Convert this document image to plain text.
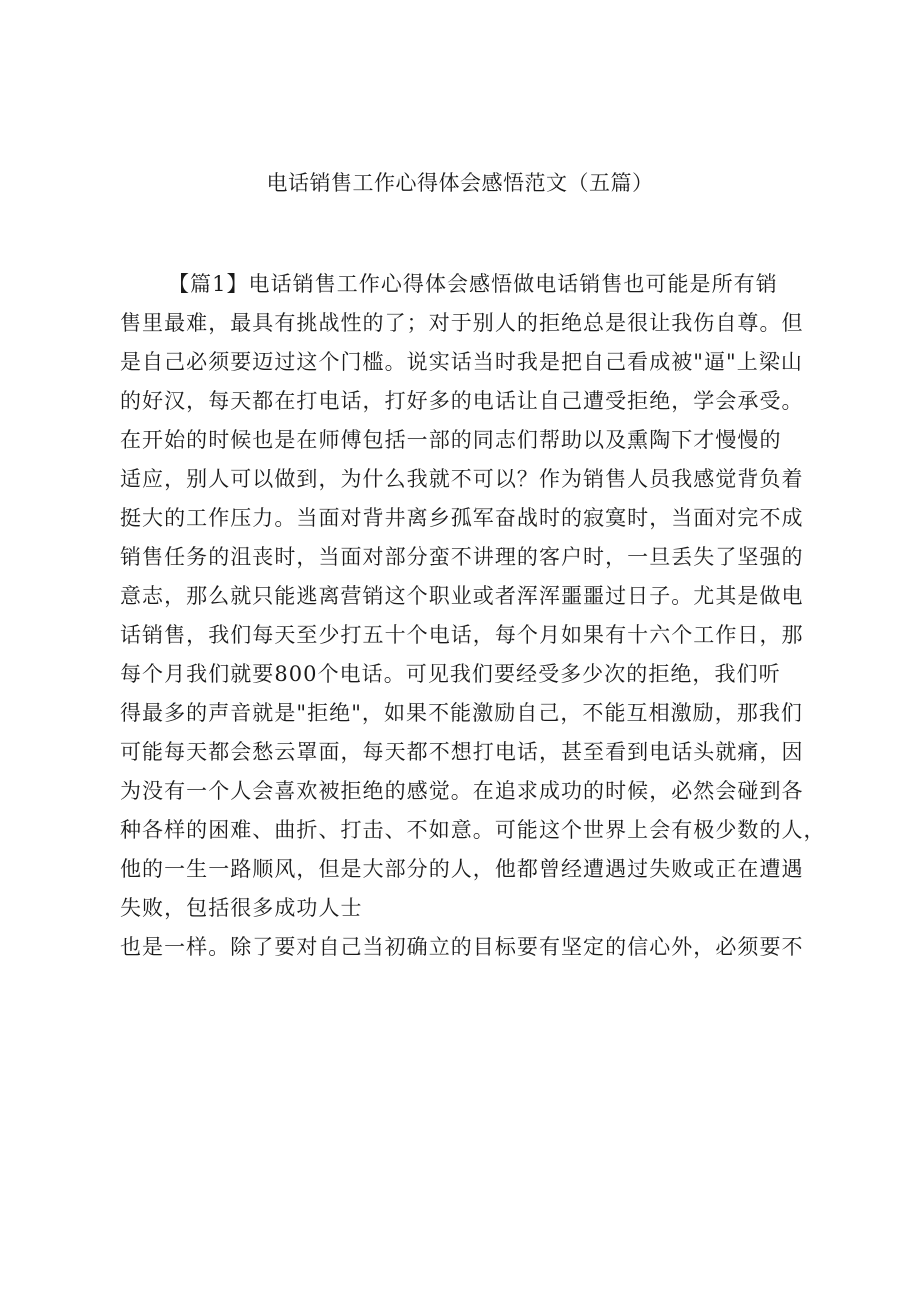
电话销售工作心得体会感悟范文（五篇）
【篇1】电话销售工作心得体会感悟做电话销售也可能是所有销
售里最难，最具有挑战性的了；对于别人的拒绝总是很让我伤自尊。但
是自己必须要迈过这个门槛。说实话当时我是把自己看成被"逼"上梁山
的好汉，每天都在打电话，打好多的电话让自己遭受拒绝，学会承受。
在开始的时候也是在师傅包括一部的同志们帮助以及熏陶下才慢慢的
适应，别人可以做到，为什么我就不可以？作为销售人员我感觉背负着
挺大的工作压力。当面对背井离乡孤军奋战时的寂寞时，当面对完不成
销售任务的沮丧时，当面对部分蛮不讲理的客户时，一旦丢失了坚强的
意志，那么就只能逃离营销这个职业或者浑浑噩噩过日子。尤其是做电
话销售，我们每天至少打五十个电话，每个月如果有十六个工作日，那
每个月我们就要800个电话。可见我们要经受多少次的拒绝，我们听
得最多的声音就是"拒绝"，如果不能激励自己，不能互相激励，那我们
可能每天都会愁云罩面，每天都不想打电话，甚至看到电话头就痛，因
为没有一个人会喜欢被拒绝的感觉。在追求成功的时候，必然会碰到各
种各样的困难、曲折、打击、不如意。可能这个世界上会有极少数的人，
他的一生一路顺风，但是大部分的人，他都曾经遭遇过失败或正在遭遇
失败，包括很多成功人士
也是一样。除了要对自己当初确立的目标要有坚定的信心外，必须要不
